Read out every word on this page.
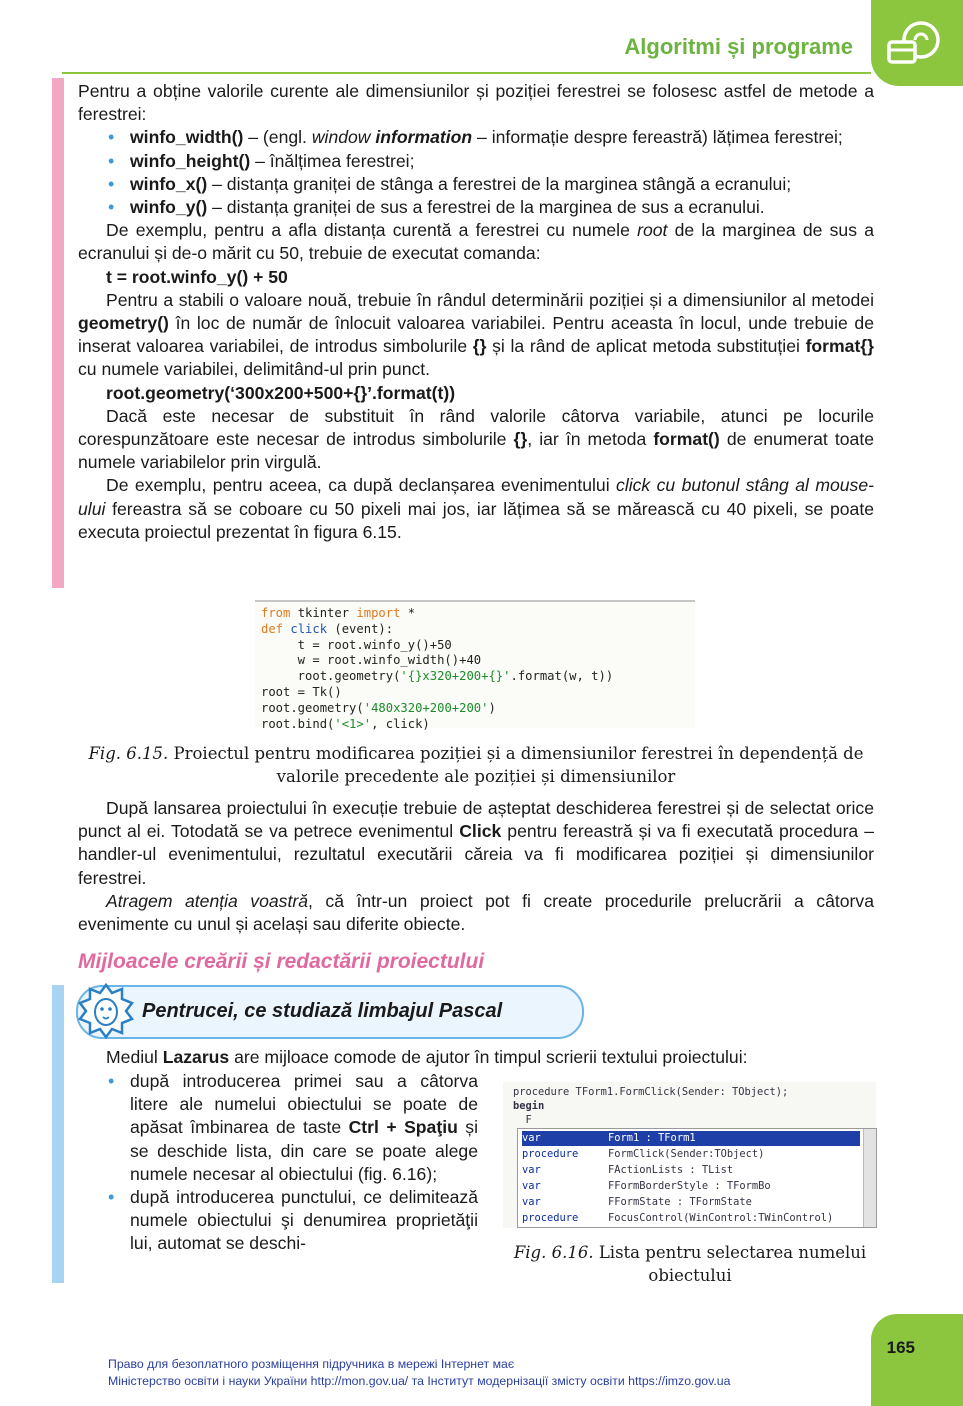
Algoritmi și programe

Pentru a obține valorile curente ale dimensiunilor și poziției ferestrei se folosesc astfel de metode a ferestrei:

• winfo_width() – (engl. window information – informație despre fereastră) lățimea ferestrei;
• winfo_height() – înălțimea ferestrei;
• winfo_x() – distanța graniței de stânga a ferestrei de la marginea stângă a ecranului;
• winfo_y() – distanța graniței de sus a ferestrei de la marginea de sus a ecranului.

De exemplu, pentru a afla distanța curentă a ferestrei cu numele root de la marginea de sus a ecranului și de-o mărit cu 50, trebuie de executat comanda:

t = root.winfo_y() + 50

Pentru a stabili o valoare nouă, trebuie în rândul determinării poziției și a dimensiunilor al metodei geometry() în loc de număr de înlocuit valoarea variabilei. Pentru aceasta în locul, unde trebuie de inserat valoarea variabilei, de introdus simbolurile {} și la rând de aplicat metoda substituției format{} cu numele variabilei, delimitând-ul prin punct.

root.geometry(‘300x200+500+{}’.format(t))

Dacă este necesar de substituit în rând valorile câtorva variabile, atunci pe locurile corespunzătoare este necesar de introdus simbolurile {}, iar în metoda format() de enumerat toate numele variabilelor prin virgulă.

De exemplu, pentru aceea, ca după declanșarea evenimentului click cu butonul stâng al mouse-ului fereastra să se coboare cu 50 pixeli mai jos, iar lățimea să se mărească cu 40 pixeli, se poate executa proiectul prezentat în figura 6.15.

from tkinter import *
def click (event):
t = root.winfo_y()+50
w = root.winfo_width()+40
root.geometry('{}x320+200+{}'.format(w, t))
root = Tk()
root.geometry('480x320+200+200')
root.bind('<1>', click)
Fig. 6.15. Proiectul pentru modificarea poziției și a dimensiunilor ferestrei în dependență de valorile precedente ale poziției și dimensiunilor

După lansarea proiectului în execuție trebuie de așteptat deschiderea ferestrei și de selectat orice punct al ei. Totodată se va petrece evenimentul Click pentru fereastră și va fi executată procedura – handler-ul evenimentului, rezultatul executării căreia va fi modificarea poziției și dimensiunilor ferestrei.

Atragem atenția voastră, că într-un proiect pot fi create procedurile prelucrării a câtorva evenimente cu unul și același sau diferite obiecte.

Mijloacele creării și redactării proiectului
Pentrucei, ce studiază limbajul Pascal

Mediul Lazarus are mijloace comode de ajutor în timpul scrierii textului proiectului:

• după introducerea primei sau a câtorva litere ale numelui obiectului se poate de apăsat îmbinarea de taste Ctrl + Spaţiu și se deschide lista, din care se poate alege numele necesar al obiectului (fig. 6.16);
• după introducerea punctului, ce delimitează numele obiectului şi denumirea proprietăţii lui, automat se deschi-
procedure TForm1.FormClick(Sender: TObject);
begin
F
var	Form1 : TForm1
procedure	FormClick(Sender:TObject)
var	FActionLists : TList
var	FFormBorderStyle : TFormBo
var	FFormState : TFormState
procedure	FocusControl(WinControl:TWinControl)
Fig. 6.16. Lista pentru selectarea numelui obiectului
165
Право для безоплатного розміщення підручника в мережі Інтернет має
Міністерство освіти і науки України http://mon.gov.ua/ та Інститут модернізації змісту освіти https://imzo.gov.ua
